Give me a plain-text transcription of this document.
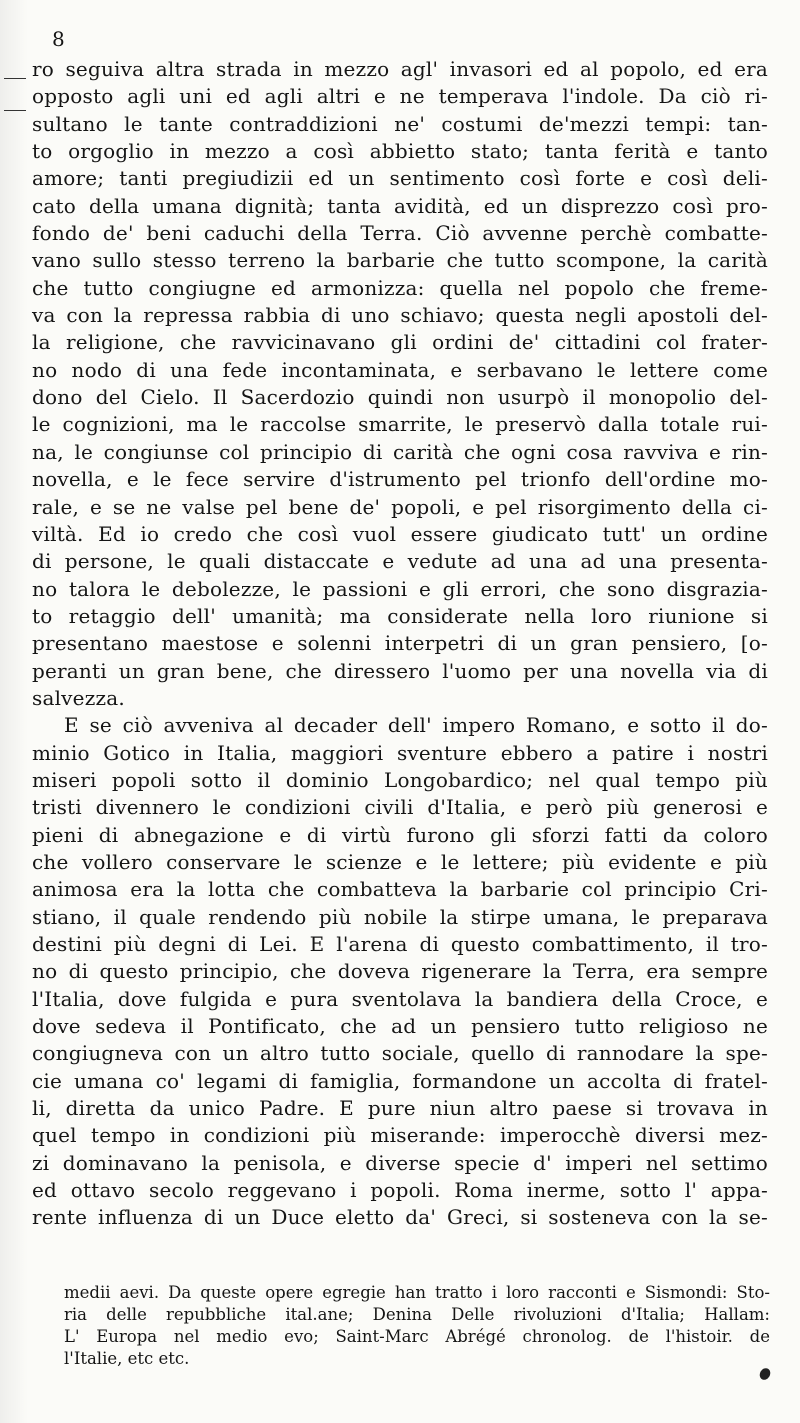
8
ro seguiva altra strada in mezzo agl' invasori ed al popolo, ed era
opposto agli uni ed agli altri e ne temperava l'indole. Da ciò ri-
sultano le tante contraddizioni ne' costumi de'mezzi tempi: tan-
to orgoglio in mezzo a così abbietto stato; tanta ferità e tanto
amore; tanti pregiudizii ed un sentimento così forte e così deli-
cato della umana dignità; tanta avidità, ed un disprezzo così pro-
fondo de' beni caduchi della Terra. Ciò avvenne perchè combatte-
vano sullo stesso terreno la barbarie che tutto scompone, la carità
che tutto congiugne ed armonizza: quella nel popolo che freme-
va con la repressa rabbia di uno schiavo; questa negli apostoli del-
la religione, che ravvicinavano gli ordini de' cittadini col frater-
no nodo di una fede incontaminata, e serbavano le lettere come
dono del Cielo. Il Sacerdozio quindi non usurpò il monopolio del-
le cognizioni, ma le raccolse smarrite, le preservò dalla totale rui-
na, le congiunse col principio di carità che ogni cosa ravviva e rin-
novella, e le fece servire d'istrumento pel trionfo dell'ordine mo-
rale, e se ne valse pel bene de' popoli, e pel risorgimento della ci-
viltà. Ed io credo che così vuol essere giudicato tutt' un ordine
di persone, le quali distaccate e vedute ad una ad una presenta-
no talora le debolezze, le passioni e gli errori, che sono disgrazia-
to retaggio dell' umanità; ma considerate nella loro riunione si
presentano maestose e solenni interpetri di un gran pensiero, [o-
peranti un gran bene, che diressero l'uomo per una novella via di
salvezza.
E se ciò avveniva al decader dell' impero Romano, e sotto il do-
minio Gotico in Italia, maggiori sventure ebbero a patire i nostri
miseri popoli sotto il dominio Longobardico; nel qual tempo più
tristi divennero le condizioni civili d'Italia, e però più generosi e
pieni di abnegazione e di virtù furono gli sforzi fatti da coloro
che vollero conservare le scienze e le lettere; più evidente e più
animosa era la lotta che combatteva la barbarie col principio Cri-
stiano, il quale rendendo più nobile la stirpe umana, le preparava
destini più degni di Lei. E l'arena di questo combattimento, il tro-
no di questo principio, che doveva rigenerare la Terra, era sempre
l'Italia, dove fulgida e pura sventolava la bandiera della Croce, e
dove sedeva il Pontificato, che ad un pensiero tutto religioso ne
congiugneva con un altro tutto sociale, quello di rannodare la spe-
cie umana co' legami di famiglia, formandone un accolta di fratel-
li, diretta da unico Padre. E pure niun altro paese si trovava in
quel tempo in condizioni più miserande: imperocchè diversi mez-
zi dominavano la penisola, e diverse specie d' imperi nel settimo
ed ottavo secolo reggevano i popoli. Roma inerme, sotto l' appa-
rente influenza di un Duce eletto da' Greci, si sosteneva con la se-
medii aevi. Da queste opere egregie han tratto i loro racconti e Sismondi: Sto-
ria delle repubbliche ital.ane; Denina Delle rivoluzioni d'Italia; Hallam:
L' Europa nel medio evo; Saint-Marc Abrégé chronolog. de l'histoir. de
l'Italie, etc etc.
